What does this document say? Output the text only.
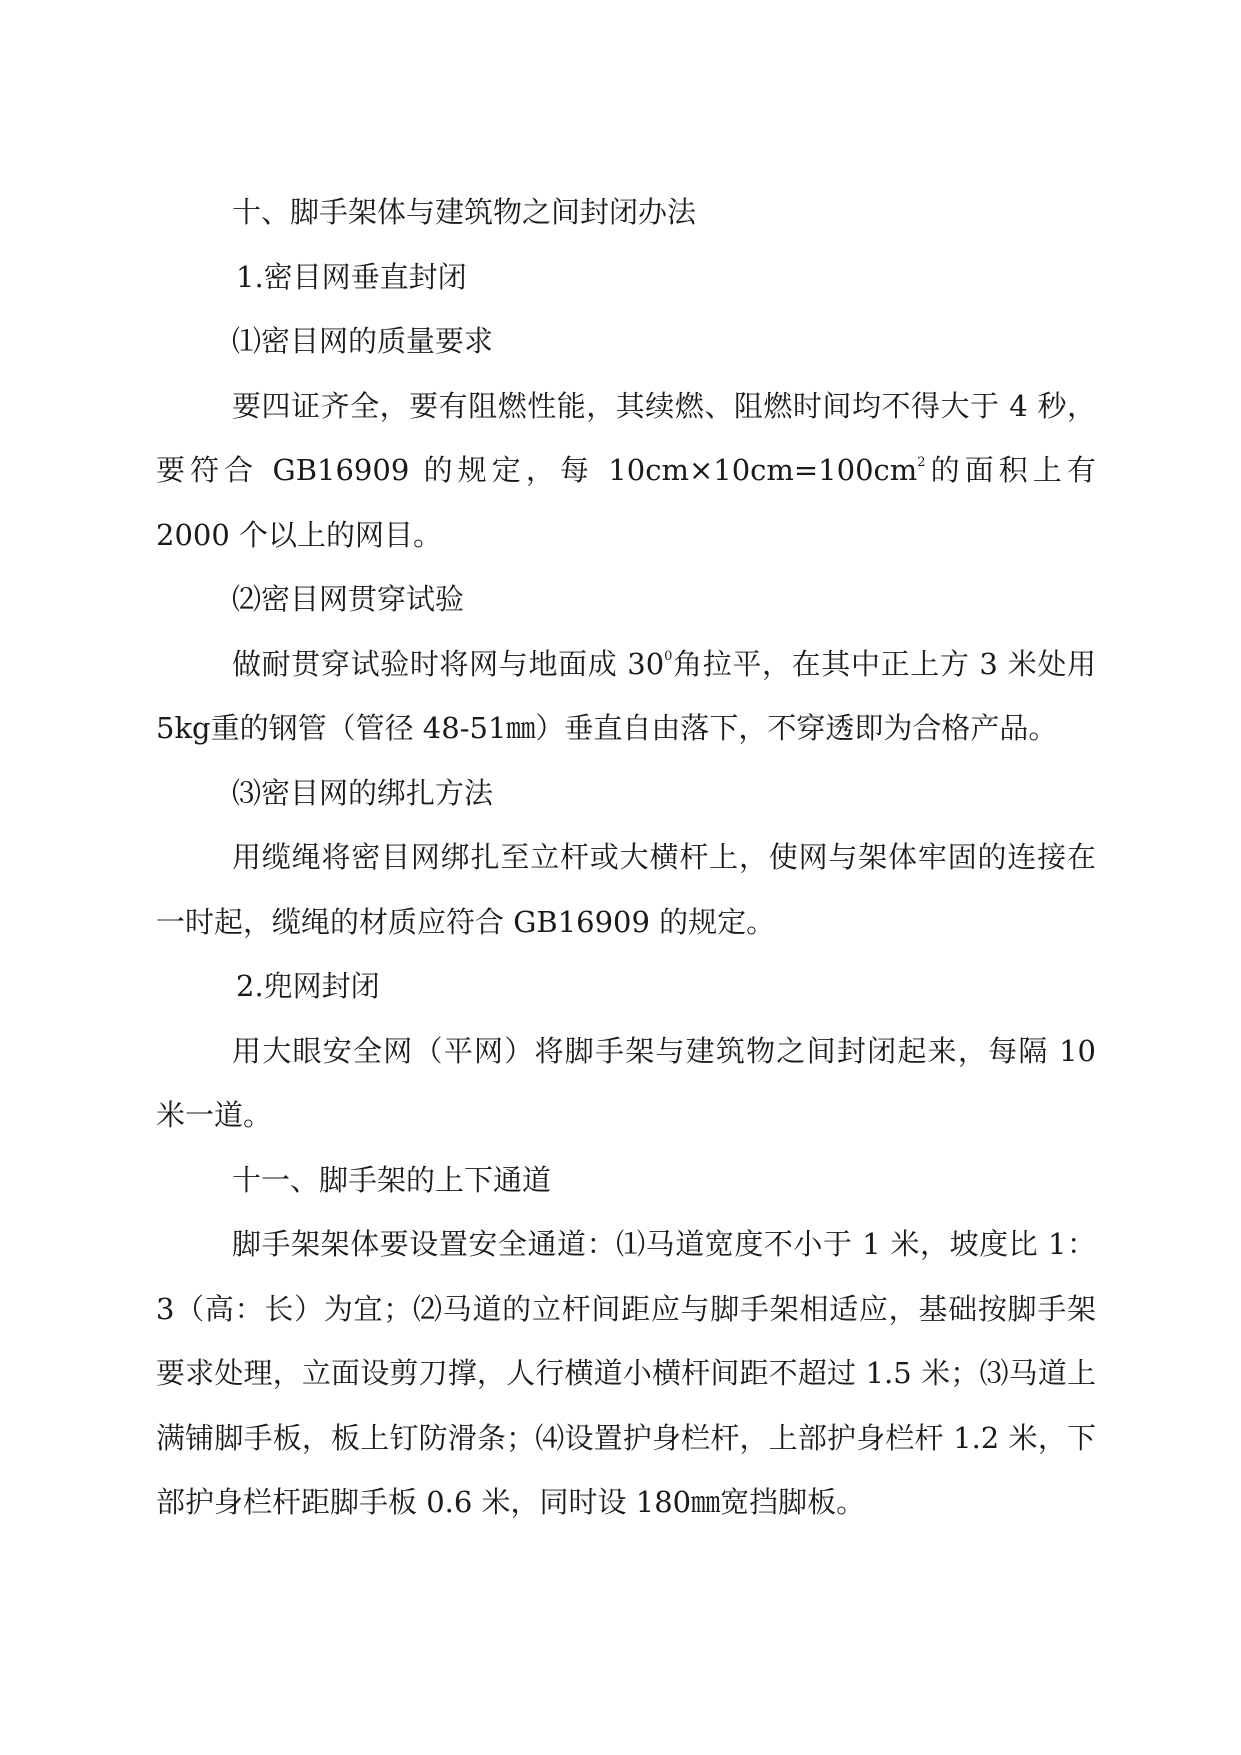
十、脚手架体与建筑物之间封闭办法

1.密目网垂直封闭

⑴密目网的质量要求

要四证齐全，要有阻燃性能，其续燃、阻燃时间均不得大于 4 秒，要符合 GB16909 的规定，每 $10cm\times 10cm=100cm^2$的面积上有 2000 个以上的网目。

⑵密目网贯穿试验

做耐贯穿试验时将网与地面成 $30^0$角拉平，在其中正上方 3 米处用 5kg重的钢管（管径 48-51㎜）垂直自由落下，不穿透即为合格产品。

⑶密目网的绑扎方法

用缆绳将密目网绑扎至立杆或大横杆上，使网与架体牢固的连接在一时起，缆绳的材质应符合 GB16909 的规定。

2.兜网封闭

用大眼安全网（平网）将脚手架与建筑物之间封闭起来，每隔 10 米一道。

十一、脚手架的上下通道

脚手架架体要设置安全通道：⑴马道宽度不小于 1 米，坡度比 1：3（高：长）为宜；⑵马道的立杆间距应与脚手架相适应，基础按脚手架要求处理，立面设剪刀撑，人行横道小横杆间距不超过 1.5 米；⑶马道上满铺脚手板，板上钉防滑条；⑷设置护身栏杆，上部护身栏杆 1.2 米，下部护身栏杆距脚手板 0.6 米，同时设 180㎜宽挡脚板。
